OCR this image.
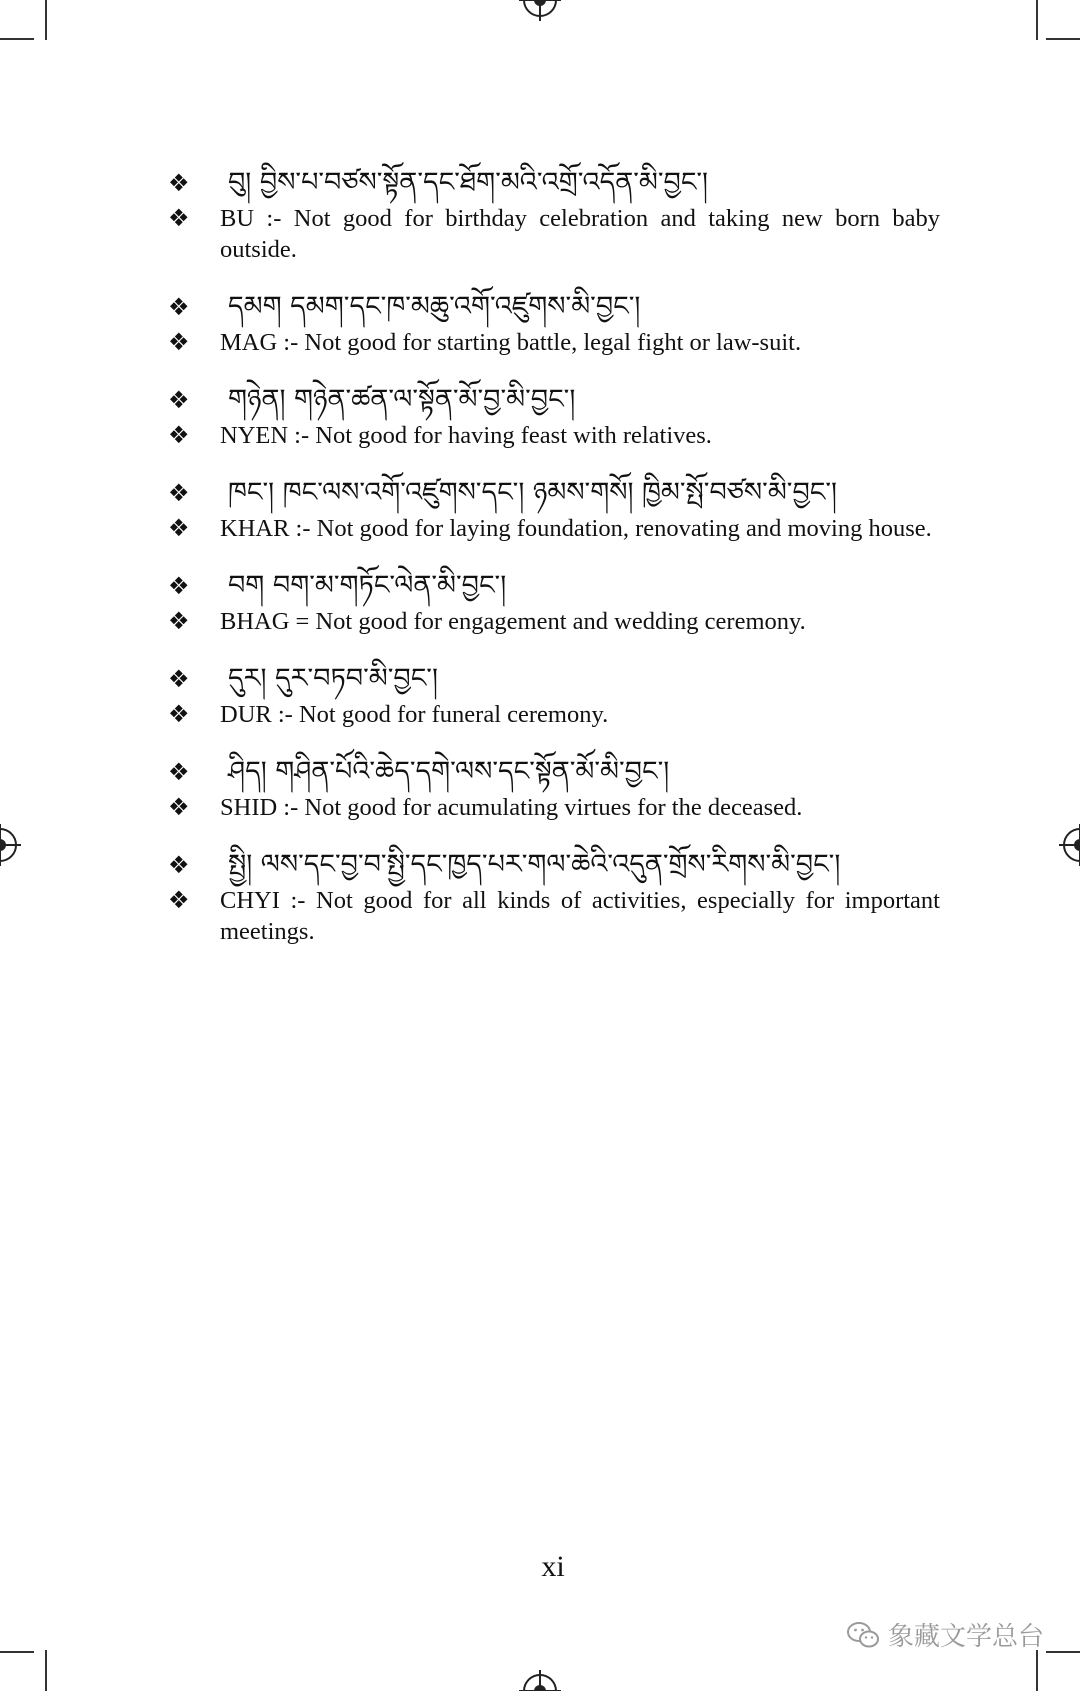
❖	བུ། བྱིས་པ་བཙས་སྟོན་དང་ཐོག་མའི་འགྲོ་འདོན་མི་བྱང་།
❖	BU :- Not good for birthday celebration and taking new born baby outside.
❖	དམག དམག་དང་ཁ་མཆུ་འགོ་འཛུགས་མི་བྱང་།
❖	MAG :- Not good for starting battle, legal fight or law-suit.
❖	གཉེན། གཉེན་ཚན་ལ་སྟོན་མོ་བྱ་མི་བྱང་།
❖	NYEN :- Not good for having feast with relatives.
❖	ཁང་། ཁང་ལས་འགོ་འཛུགས་དང་། ཉམས་གསོ། ཁྱིམ་སྤོ་བཙས་མི་བྱང་།
❖	KHAR :- Not good for laying foundation, renovating and moving house.
❖	བག བག་མ་གཏོང་ལེན་མི་བྱང་།
❖	BHAG = Not good for engagement and wedding ceremony.
❖	དུར། དུར་བཏབ་མི་བྱང་།
❖	DUR :- Not good for funeral ceremony.
❖	ཤིད། གཤིན་པོའི་ཆེད་དགེ་ལས་དང་སྟོན་མོ་མི་བྱང་།
❖	SHID :- Not good for acumulating virtues for the deceased.
❖	སྤྱི། ལས་དང་བྱ་བ་སྤྱི་དང་ཁྱད་པར་གལ་ཆེའི་འདུན་གྲོས་རིགས་མི་བྱང་།
❖	CHYI :- Not good for all kinds of activities, especially for important meetings.
xi
象藏文学总台
